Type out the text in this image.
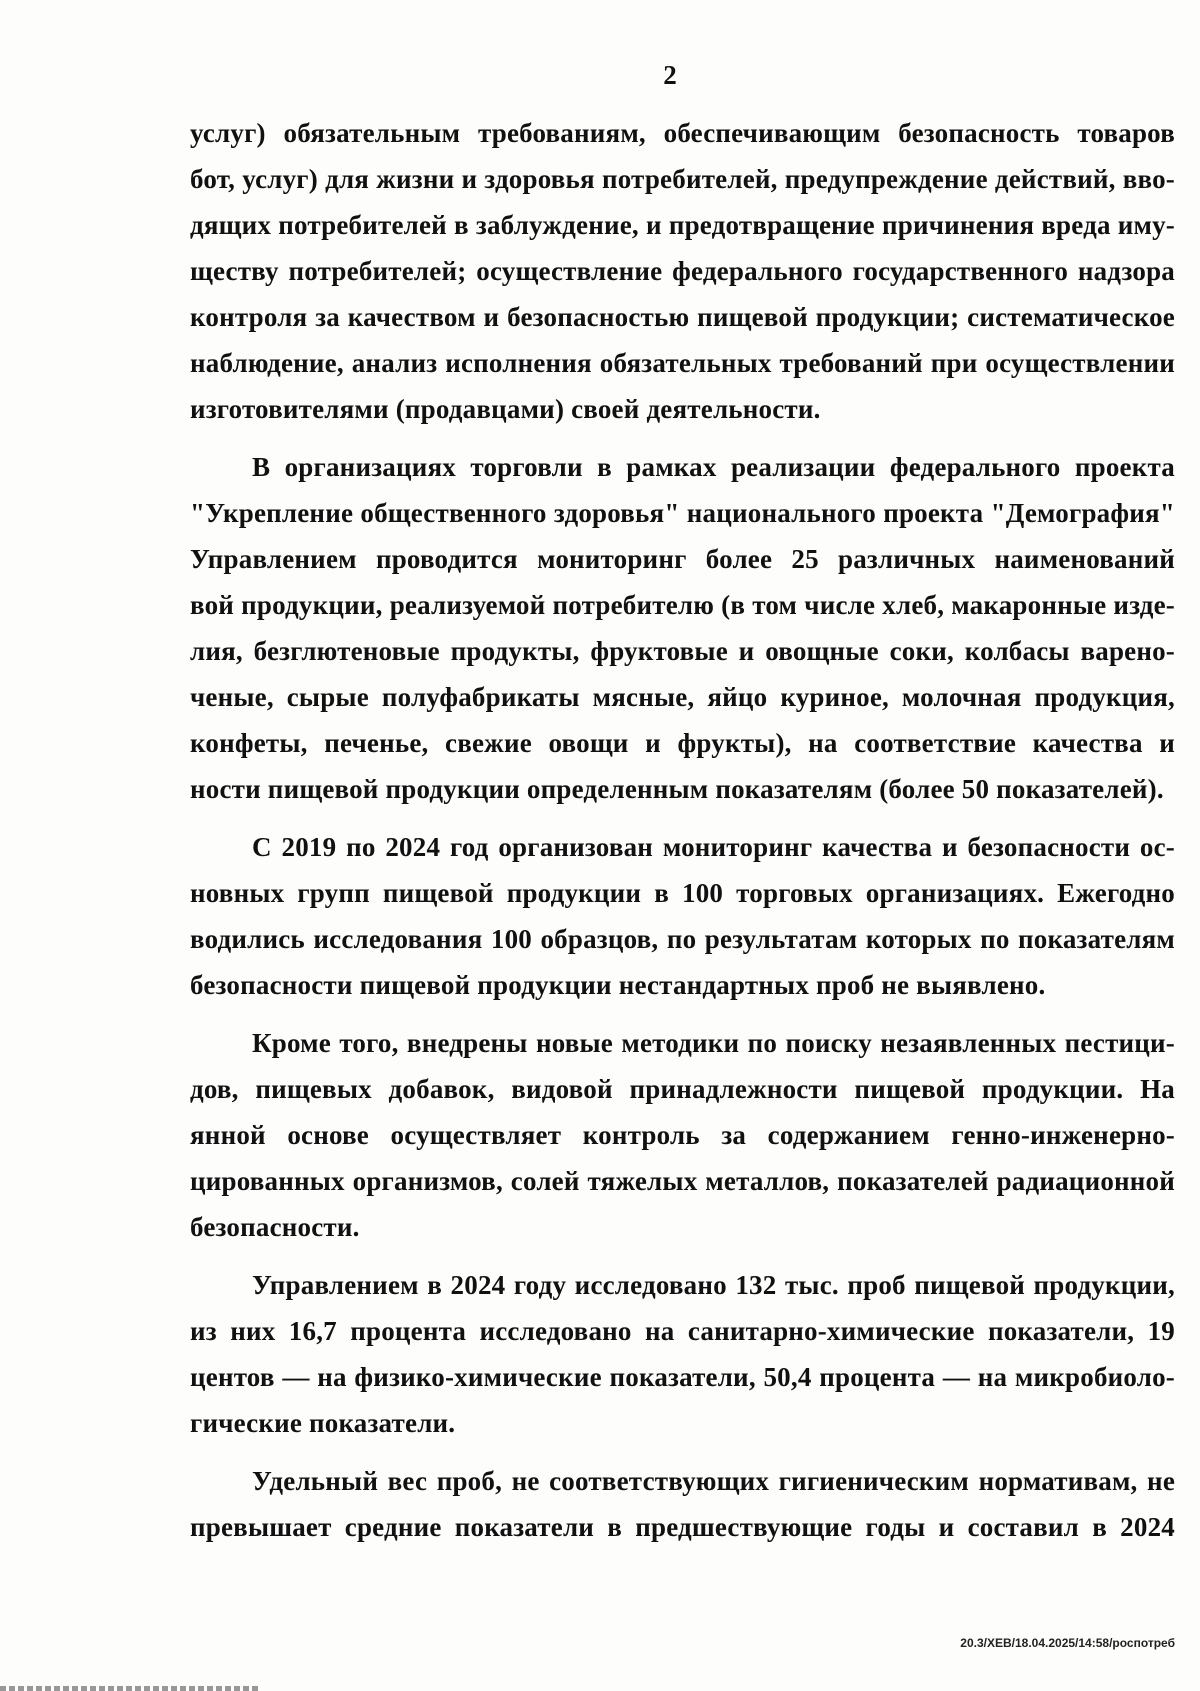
2
услуг) обязательным требованиям, обеспечивающим безопасность товаров
бот, услуг) для жизни и здоровья потребителей, предупреждение действий, вво-
дящих потребителей в заблуждение, и предотвращение причинения вреда иму-
ществу потребителей; осуществление федерального государственного надзора
контроля за качеством и безопасностью пищевой продукции; систематическое
наблюдение, анализ исполнения обязательных требований при осуществлении
изготовителями (продавцами) своей деятельности.
В организациях торговли в рамках реализации федерального проекта
"Укрепление общественного здоровья" национального проекта "Демография"
Управлением проводится мониторинг более 25 различных наименований
вой продукции, реализуемой потребителю (в том числе хлеб, макаронные изде-
лия, безглютеновые продукты, фруктовые и овощные соки, колбасы варено-
ченые, сырые полуфабрикаты мясные, яйцо куриное, молочная продукция,
конфеты, печенье, свежие овощи и фрукты), на соответствие качества и
ности пищевой продукции определенным показателям (более 50 показателей).
С 2019 по 2024 год организован мониторинг качества и безопасности ос-
новных групп пищевой продукции в 100 торговых организациях. Ежегодно
водились исследования 100 образцов, по результатам которых по показателям
безопасности пищевой продукции нестандартных проб не выявлено.
Кроме того, внедрены новые методики по поиску незаявленных пестици-
дов, пищевых добавок, видовой принадлежности пищевой продукции. На
янной основе осуществляет контроль за содержанием генно-инженерно-
цированных организмов, солей тяжелых металлов, показателей радиационной
безопасности.
Управлением в 2024 году исследовано 132 тыс. проб пищевой продукции,
из них 16,7 процента исследовано на санитарно-химические показатели, 19
центов — на физико-химические показатели, 50,4 процента — на микробиоло-
гические показатели.
Удельный вес проб, не соответствующих гигиеническим нормативам, не
превышает средние показатели в предшествующие годы и составил в 2024
20.3/ХЕВ/18.04.2025/14:58/роспотреб
